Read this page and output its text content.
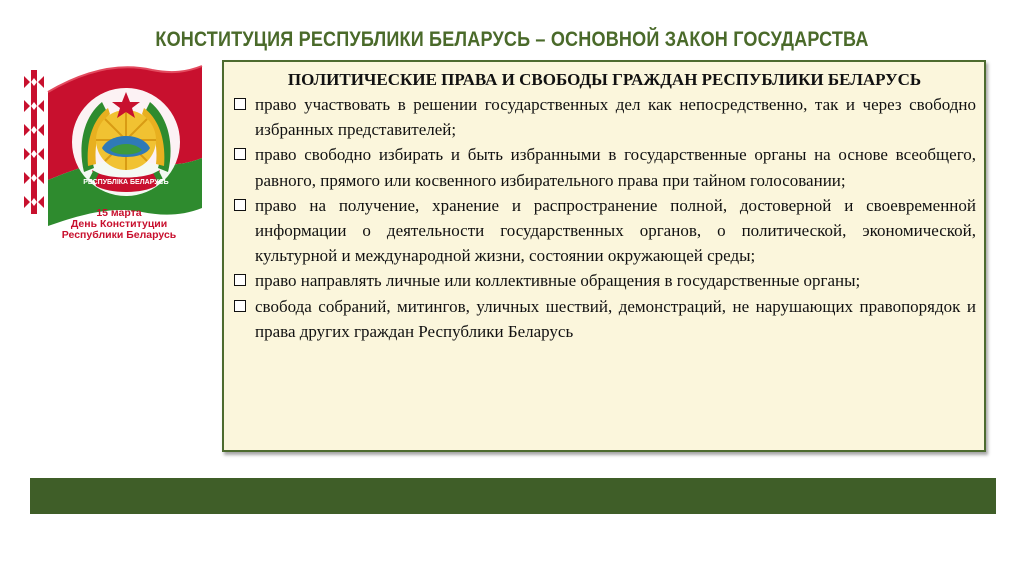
КОНСТИТУЦИЯ РЕСПУБЛИКИ БЕЛАРУСЬ – ОСНОВНОЙ ЗАКОН ГОСУДАРСТВА
РЕСПУБЛIКА БЕЛАРУСЬ
15 марта
День Конституции
Республики Беларусь
ПОЛИТИЧЕСКИЕ ПРАВА И СВОБОДЫ ГРАЖДАН РЕСПУБЛИКИ БЕЛАРУСЬ
право участвовать в решении государственных дел как непосредственно, так и через свободно избранных представителей;
право свободно избирать и быть избранными в государственные органы на основе всеобщего, равного, прямого или косвенного избирательного права при тайном голосовании;
право на получение, хранение и распространение полной, достоверной и своевременной информации о деятельности государственных органов, о политической, экономической, культурной и международной жизни, состоянии окружающей среды;
право направлять личные или коллективные обращения в государственные органы;
свобода собраний, митингов, уличных шествий, демонстраций, не нарушающих правопорядок и права других граждан Республики Беларусь
